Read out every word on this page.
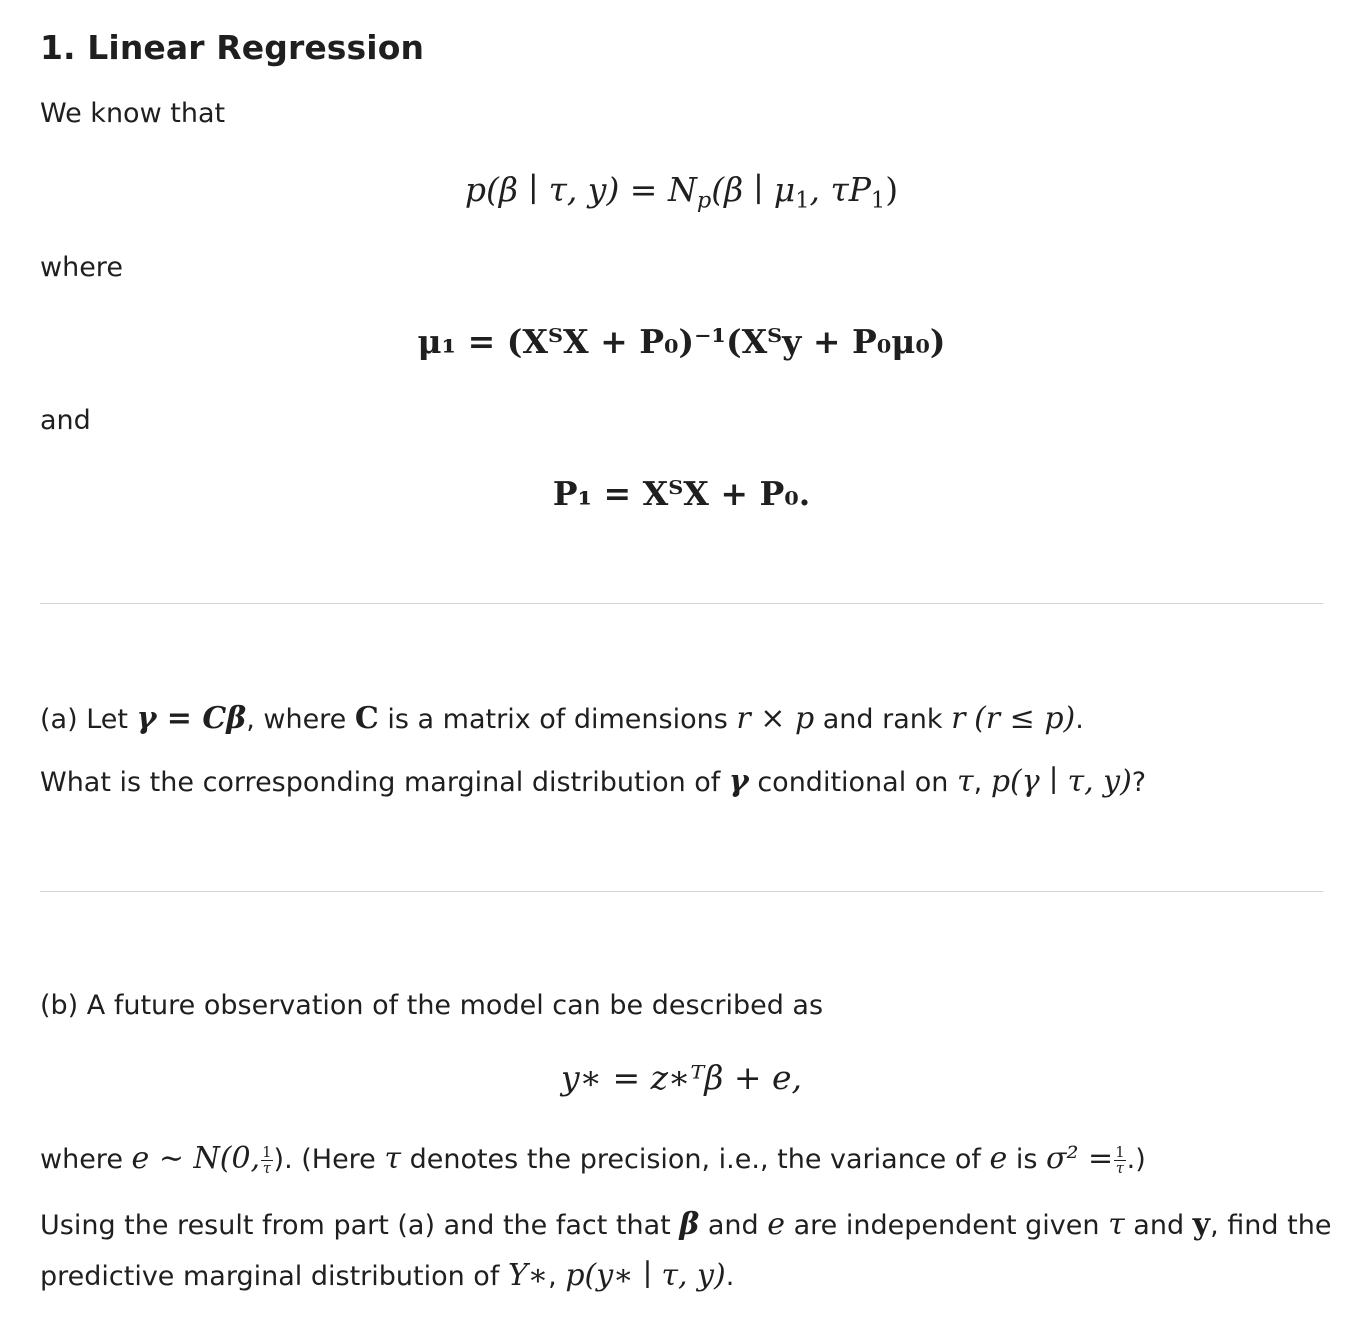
1. Linear Regression
We know that
p(β ∣ τ, $y) = N_p(\beta$ ∣ $\mu_1$, $\tau P_1$)
where
μ₁ = (XᵀX + P₀)⁻¹(Xᵀy + P₀μ₀)
and
P₁ = XᵀX + P₀.
(a) Let γ = Cβ, where C is a matrix of dimensions r × p and rank r (r ≤ p).
What is the corresponding marginal distribution of γ conditional on τ, p(γ ∣ τ, y)?
(b) A future observation of the model can be described as
y∗ = z∗ᵀβ + e,
where e ∼ N(0, $\frac{1}{\tau}$ ). (Here τ denotes the precision, i.e., the variance of e is $\sigma^2 = \frac{1}{\tau}$ .)
Using the result from part (a) and the fact that β and e are independent given τ and y, find the
predictive marginal distribution of Y∗, p(y∗ ∣ τ, y).
